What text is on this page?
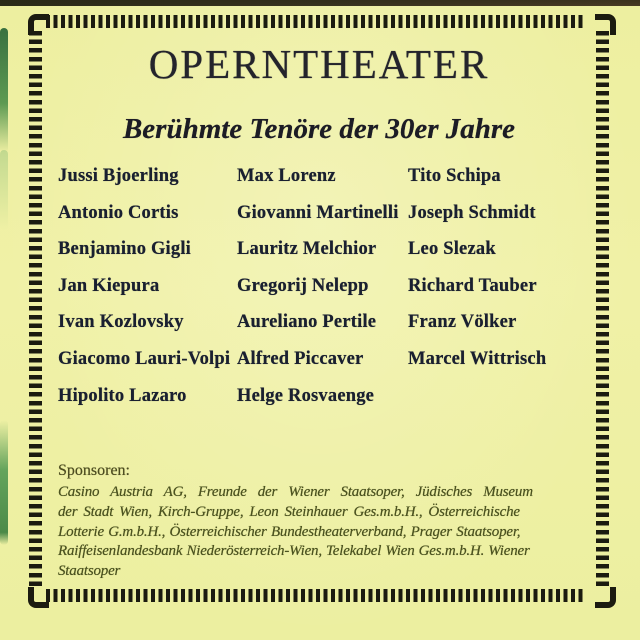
OPERNTHEATER
Berühmte Tenöre der 30er Jahre
Jussi Bjoerling
Antonio Cortis
Benjamino Gigli
Jan Kiepura
Ivan Kozlovsky
Giacomo Lauri-Volpi
Hipolito Lazaro
Max Lorenz
Giovanni Martinelli
Lauritz Melchior
Gregorij Nelepp
Aureliano Pertile
Alfred Piccaver
Helge Rosvaenge
Tito Schipa
Joseph Schmidt
Leo Slezak
Richard Tauber
Franz Völker
Marcel Wittrisch
Sponsoren:
Casino Austria AG, Freunde der Wiener Staatsoper, Jüdisches Museum
der Stadt Wien, Kirch-Gruppe, Leon Steinhauer Ges.m.b.H., Österreichische
Lotterie G.m.b.H., Österreichischer Bundestheaterverband, Prager Staatsoper,
Raiffeisenlandesbank Niederösterreich-Wien, Telekabel Wien Ges.m.b.H. Wiener
Staatsoper
